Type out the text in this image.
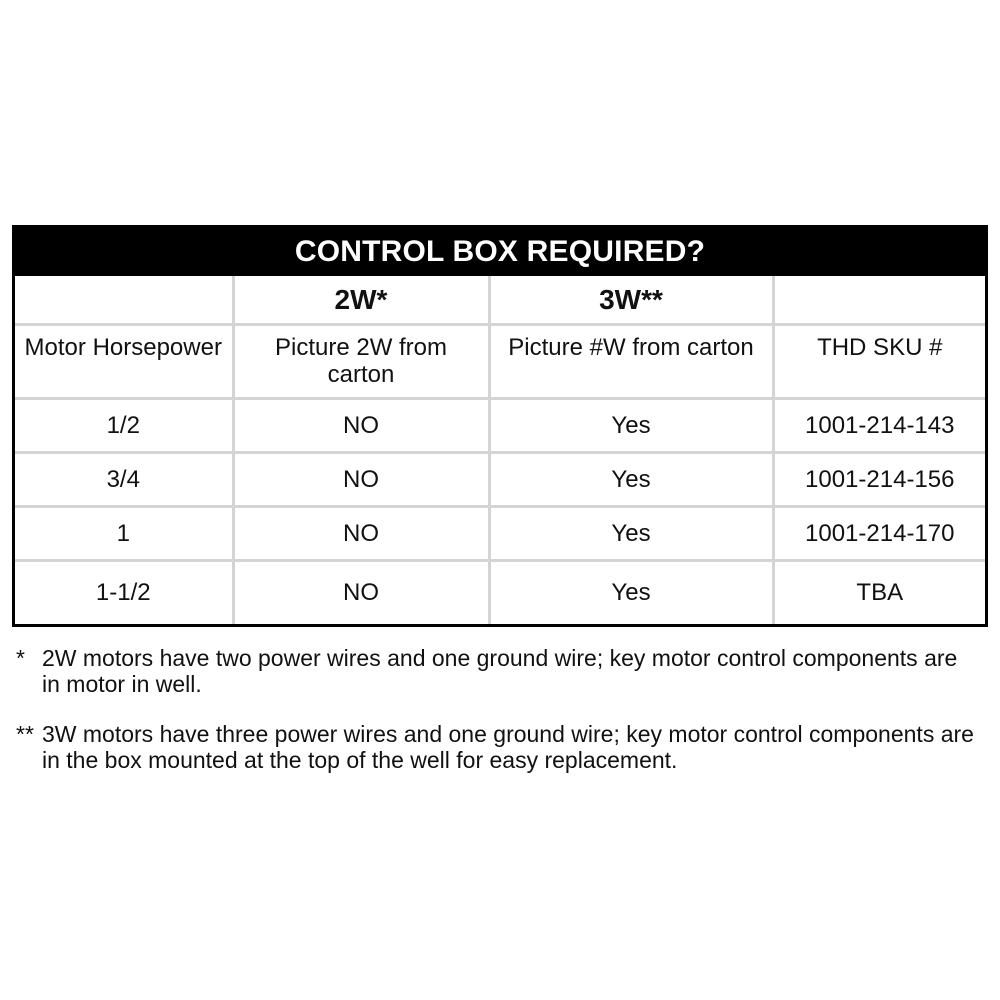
CONTROL BOX REQUIRED?
	2W*	3W**	
Motor Horsepower	Picture 2W from carton	Picture #W from carton	THD SKU #
1/2	NO	Yes	1001-214-143
3/4	NO	Yes	1001-214-156
1	NO	Yes	1001-214-170
1-1/2	NO	Yes	TBA
* 2W motors have two power wires and one ground wire; key motor control components are in motor in well.
** 3W motors have three power wires and one ground wire; key motor control components are in the box mounted at the top of the well for easy replacement.
